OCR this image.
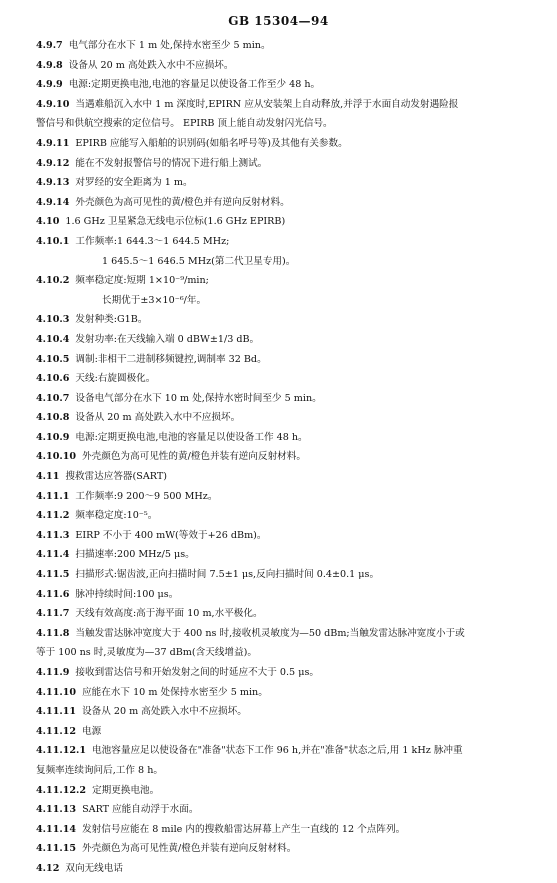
GB 15304—94
4.9.7 电气部分在水下 1 m 处,保持水密至少 5 min。
4.9.8 设备从 20 m 高处跌入水中不应损坏。
4.9.9 电源:定期更换电池,电池的容量足以使设备工作至少 48 h。
4.9.10 当遇难船沉入水中 1 m 深度时,EPIRN 应从安装架上自动释放,并浮于水面自动发射遇险报
警信号和供航空搜索的定位信号。 EPIRB 顶上能自动发射闪光信号。
4.9.11 EPIRB 应能写入船舶的识别码(如船名呼号等)及其他有关参数。
4.9.12 能在不发射报警信号的情况下进行船上测试。
4.9.13 对罗经的安全距离为 1 m。
4.9.14 外壳颜色为高可见性的黄/橙色并有逆向反射材料。
4.10 1.6 GHz 卫星紧急无线电示位标(1.6 GHz EPIRB)
4.10.1 工作频率:1 644.3～1 644.5 MHz;
1 645.5～1 646.5 MHz(第二代卫星专用)。
4.10.2 频率稳定度:短期 1×10⁻⁹/min;
长期优于±3×10⁻⁶/年。
4.10.3 发射种类:G1B。
4.10.4 发射功率:在天线输入端 0 dBW±1/3 dB。
4.10.5 调制:非相干二进制移频键控,调制率 32 Bd。
4.10.6 天线:右旋圆极化。
4.10.7 设备电气部分在水下 10 m 处,保持水密时间至少 5 min。
4.10.8 设备从 20 m 高处跌入水中不应损坏。
4.10.9 电源:定期更换电池,电池的容量足以使设备工作 48 h。
4.10.10 外壳颜色为高可见性的黄/橙色并装有逆向反射材料。
4.11 搜救雷达应答器(SART)
4.11.1 工作频率:9 200～9 500 MHz。
4.11.2 频率稳定度:10⁻⁵。
4.11.3 EIRP 不小于 400 mW(等效于+26 dBm)。
4.11.4 扫描速率:200 MHz/5 μs。
4.11.5 扫描形式:锯齿波,正向扫描时间 7.5±1 μs,反向扫描时间 0.4±0.1 μs。
4.11.6 脉冲持续时间:100 μs。
4.11.7 天线有效高度:高于海平面 10 m,水平极化。
4.11.8 当触发雷达脉冲宽度大于 400 ns 时,接收机灵敏度为—50 dBm;当触发雷达脉冲宽度小于或
等于 100 ns 时,灵敏度为—37 dBm(含天线增益)。
4.11.9 接收到雷达信号和开始发射之间的时延应不大于 0.5 μs。
4.11.10 应能在水下 10 m 处保持水密至少 5 min。
4.11.11 设备从 20 m 高处跌入水中不应损坏。
4.11.12 电源
4.11.12.1 电池容量应足以使设备在"准备"状态下工作 96 h,并在"准备"状态之后,用 1 kHz 脉冲重
复频率连续询问后,工作 8 h。
4.11.12.2 定期更换电池。
4.11.13 SART 应能自动浮于水面。
4.11.14 发射信号应能在 8 mile 内的搜救船雷达屏幕上产生一直线的 12 个点阵列。
4.11.15 外壳颜色为高可见性黄/橙色并装有逆向反射材料。
4.12 双向无线电话
